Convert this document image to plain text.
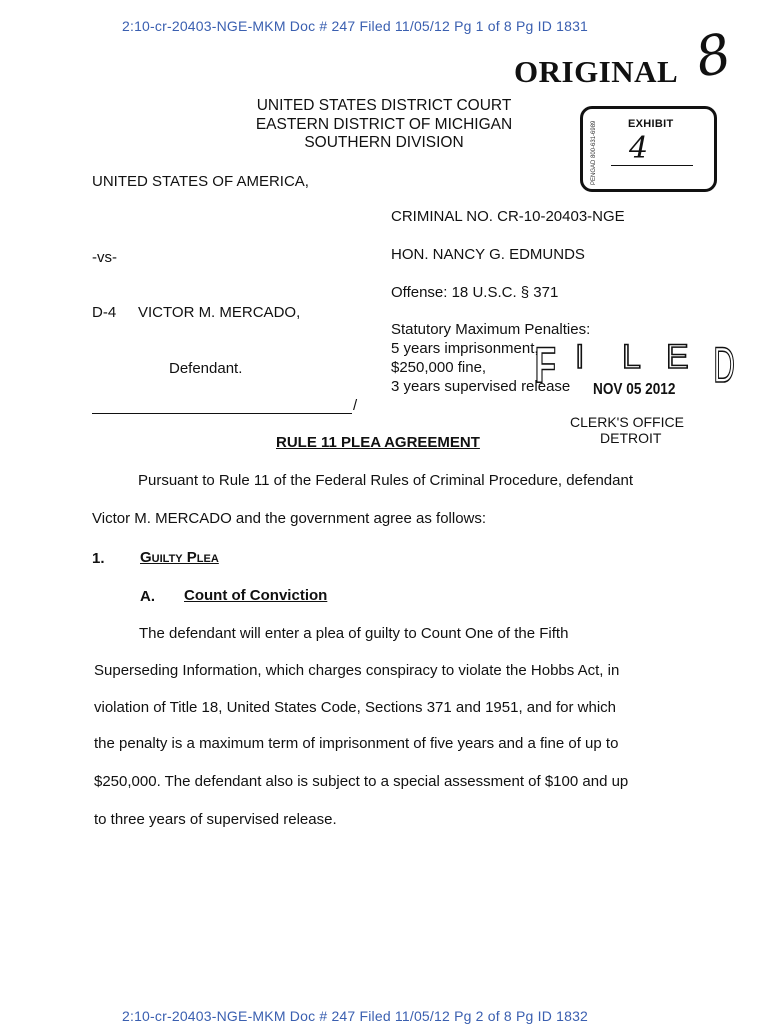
2:10-cr-20403-NGE-MKM Doc # 247 Filed 11/05/12 Pg 1 of 8 Pg ID 1831
ORIGINAL 8
UNITED STATES DISTRICT COURT
EASTERN DISTRICT OF MICHIGAN
SOUTHERN DIVISION
EXHIBIT
PENGAD 800-631-6989 4
UNITED STATES OF AMERICA,
CRIMINAL NO. CR-10-20403-NGE
-vs-	HON. NANCY G. EDMUNDS
Offense: 18 U.S.C. § 371
D-4 VICTOR M. MERCADO,
Statutory Maximum Penalties:
5 years imprisonment,
$250,000 fine,
3 years supervised release
Defendant.
/
F I L E D
NOV 05 2012
CLERK'S OFFICE
DETROIT
RULE 11 PLEA AGREEMENT
Pursuant to Rule 11 of the Federal Rules of Criminal Procedure, defendant
Victor M. MERCADO and the government agree as follows:
1. Guilty Plea
A. Count of Conviction
The defendant will enter a plea of guilty to Count One of the Fifth
Superseding Information, which charges conspiracy to violate the Hobbs Act, in
violation of Title 18, United States Code, Sections 371 and 1951, and for which
the penalty is a maximum term of imprisonment of five years and a fine of up to
$250,000. The defendant also is subject to a special assessment of $100 and up
to three years of supervised release.
2:10-cr-20403-NGE-MKM Doc # 247 Filed 11/05/12 Pg 2 of 8 Pg ID 1832
